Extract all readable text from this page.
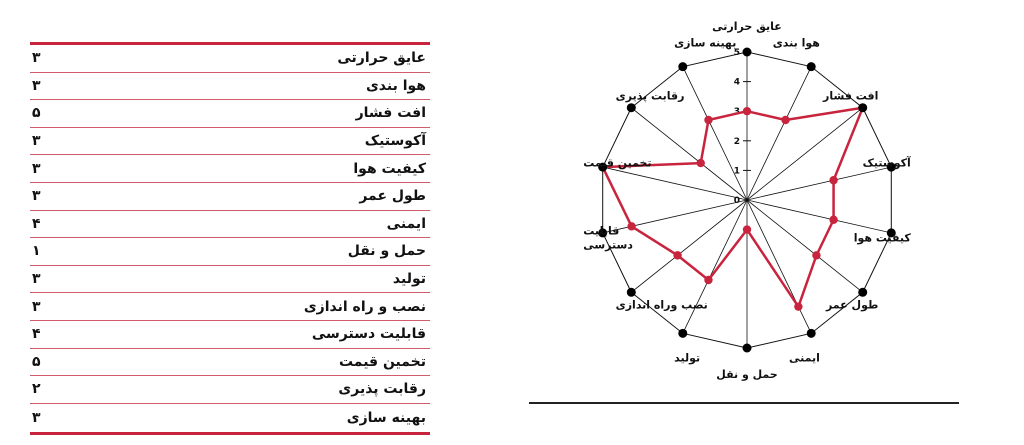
۳	عایق حرارتی
۳	هوا بندی
۵	افت فشار
۳	آکوستیک
۳	کیفیت هوا
۳	طول عمر
۴	ایمنی
۱	حمل و نقل
۳	تولید
۳	نصب و راه اندازی
۴	قابلیت دسترسی
۵	تخمین قیمت
۲	رقابت پذیری
۳	بهینه سازی
0
1
2
3
4
5
عایق حرارتی
هوا بندی
افت فشار
آکوستیک
کیفیت هوا
طول عمر
ایمنی
حمل و نقل
تولید
نصب وراه اندازی
قابلیت دسترسی
تخمین قیمت
رقابت پذیری
بهینه سازی
